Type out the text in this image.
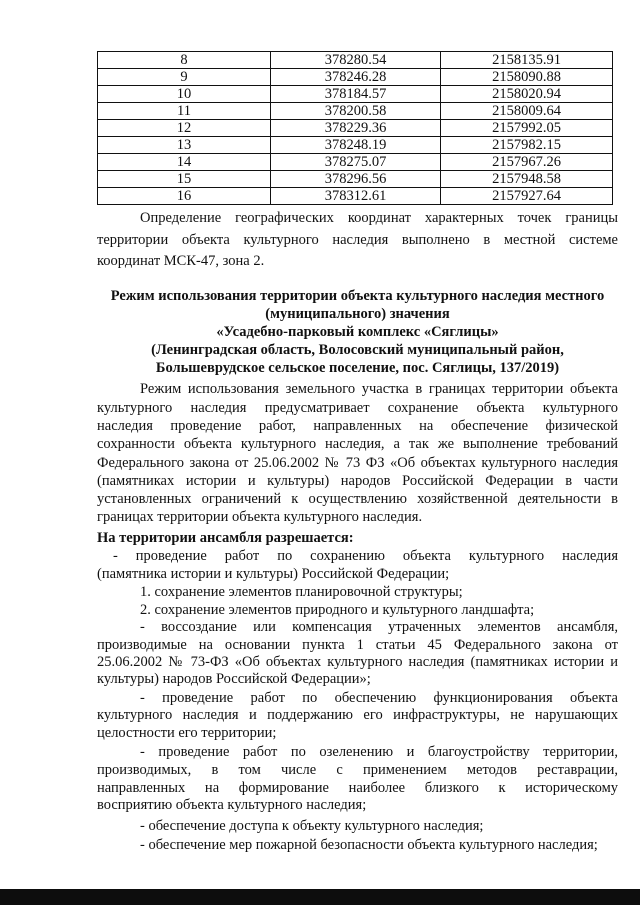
8	378280.54	2158135.91
9	378246.28	2158090.88
10	378184.57	2158020.94
11	378200.58	2158009.64
12	378229.36	2157992.05
13	378248.19	2157982.15
14	378275.07	2157967.26
15	378296.56	2157948.58
16	378312.61	2157927.64
Определение географических координат характерных точек границы
территории объекта культурного наследия выполнено в местной системе
координат МСК-47, зона 2.
Режим использования территории объекта культурного наследия местного
(муниципального) значения
«Усадебно-парковый комплекс «Сяглицы»
(Ленинградская область, Волосовский муниципальный район,
Большеврудское сельское поселение, пос. Сяглицы, 137/2019)
Режим использования земельного участка в границах территории объекта
культурного наследия предусматривает сохранение объекта культурного
наследия проведение работ, направленных на обеспечение физической
сохранности объекта культурного наследия, а так же выполнение требований
Федерального закона от 25.06.2002 № 73 ФЗ «Об объектах культурного наследия
(памятниках истории и культуры) народов Российской Федерации в части
установленных ограничений к осуществлению хозяйственной деятельности в
границах территории объекта культурного наследия.
На территории ансамбля разрешается:
- проведение работ по сохранению объекта культурного наследия
(памятника истории и культуры) Российской Федерации;
1. сохранение элементов планировочной структуры;
2. сохранение элементов природного и культурного ландшафта;
- воссоздание или компенсация утраченных элементов ансамбля,
производимые на основании пункта 1 статьи 45 Федерального закона от
25.06.2002 № 73-ФЗ «Об объектах культурного наследия (памятниках истории и
культуры) народов Российской Федерации»;
- проведение работ по обеспечению функционирования объекта
культурного наследия и поддержанию его инфраструктуры, не нарушающих
целостности его территории;
- проведение работ по озеленению и благоустройству территории,
производимых, в том числе с применением методов реставрации,
направленных на формирование наиболее близкого к историческому
восприятию объекта культурного наследия;
- обеспечение доступа к объекту культурного наследия;
- обеспечение мер пожарной безопасности объекта культурного наследия;
